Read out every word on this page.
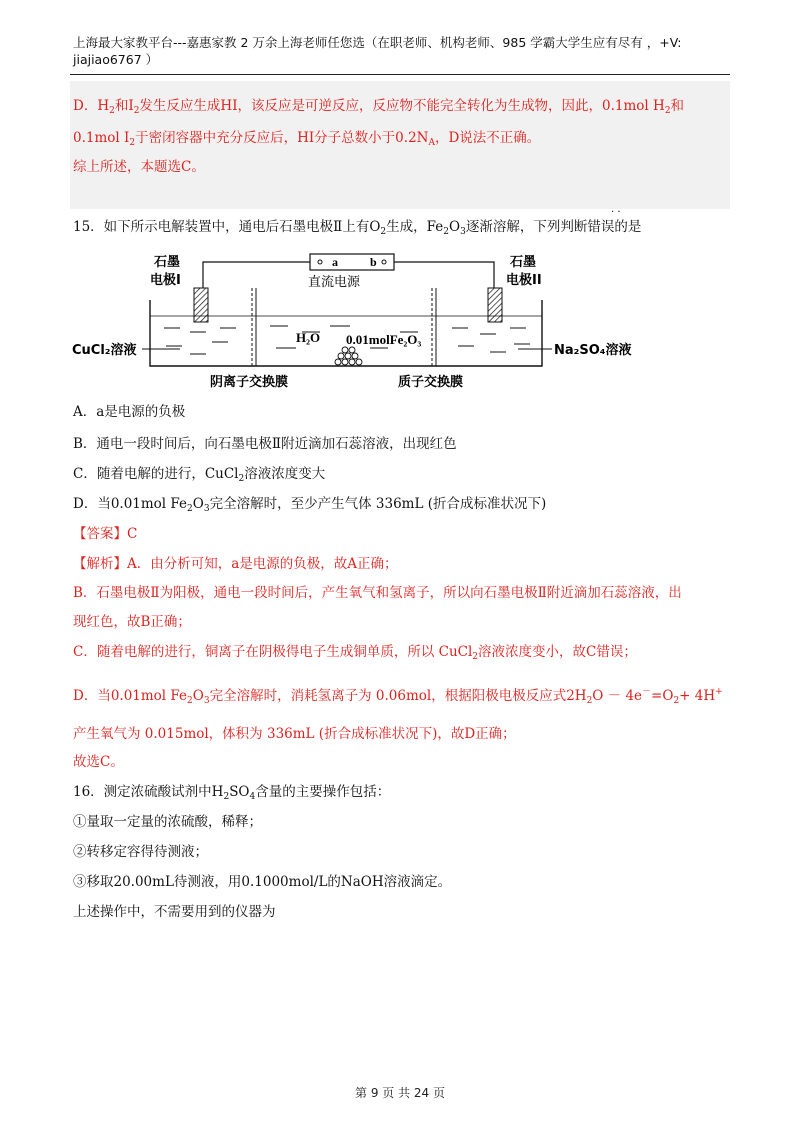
上海最大家教平台---嘉惠家教 2 万余上海老师任您选（在职老师、机构老师、985 学霸大学生应有尽有 ，+V:
jiajiao6767 ）
D．$H_2$和$I_2$发生反应生成HI，该反应是可逆反应，反应物不能完全转化为生成物，因此，0.1mol $H_2$和
0.1mol $I_2$于密闭容器中充分反应后，HI分子总数小于$0.2N_A$，D说法不正确。
综上所述，本题选C。
15．如下所示电解装置中，通电后石墨电极Ⅱ上有$O_2$生成，$Fe_2O_3$逐渐溶解，下列判断错误的是
· ·
a	b
直流电源
石墨
电极I
石墨
电极II
H₂O 0.01molFe₂O₃
CuCl₂溶液	Na₂SO₄溶液
阴离子交换膜	质子交换膜
A．a是电源的负极
B．通电一段时间后，向石墨电极Ⅱ附近滴加石蕊溶液，出现红色
C．随着电解的进行，CuCl$_2$溶液浓度变大
D．当0.01mol $Fe_2O_3$完全溶解时，至少产生气体 336mL (折合成标准状况下)
【答案】C
【解析】A．由分析可知，a是电源的负极，故A正确；
B．石墨电极Ⅱ为阳极，通电一段时间后，产生氧气和氢离子，所以向石墨电极Ⅱ附近滴加石蕊溶液，出
现红色，故B正确；
C．随着电解的进行，铜离子在阴极得电子生成铜单质，所以 CuCl$_2$溶液浓度变小，故C错误；
D．当0.01mol $Fe_2O_3$完全溶解时，消耗氢离子为 0.06mol，根据阳极电极反应式$2H_2O - 4e^-=O_2+ 4H^+$
产生氧气为 0.015mol，体积为 336mL (折合成标准状况下)，故D正确；
故选C。
16．测定浓硫酸试剂中$H_2SO_4$含量的主要操作包括：
①量取一定量的浓硫酸，稀释；
②转移定容得待测液；
③移取20.00mL待测液，用0.1000mol/L的NaOH溶液滴定。
上述操作中，不需要用到的仪器为
第 9 页 共 24 页
